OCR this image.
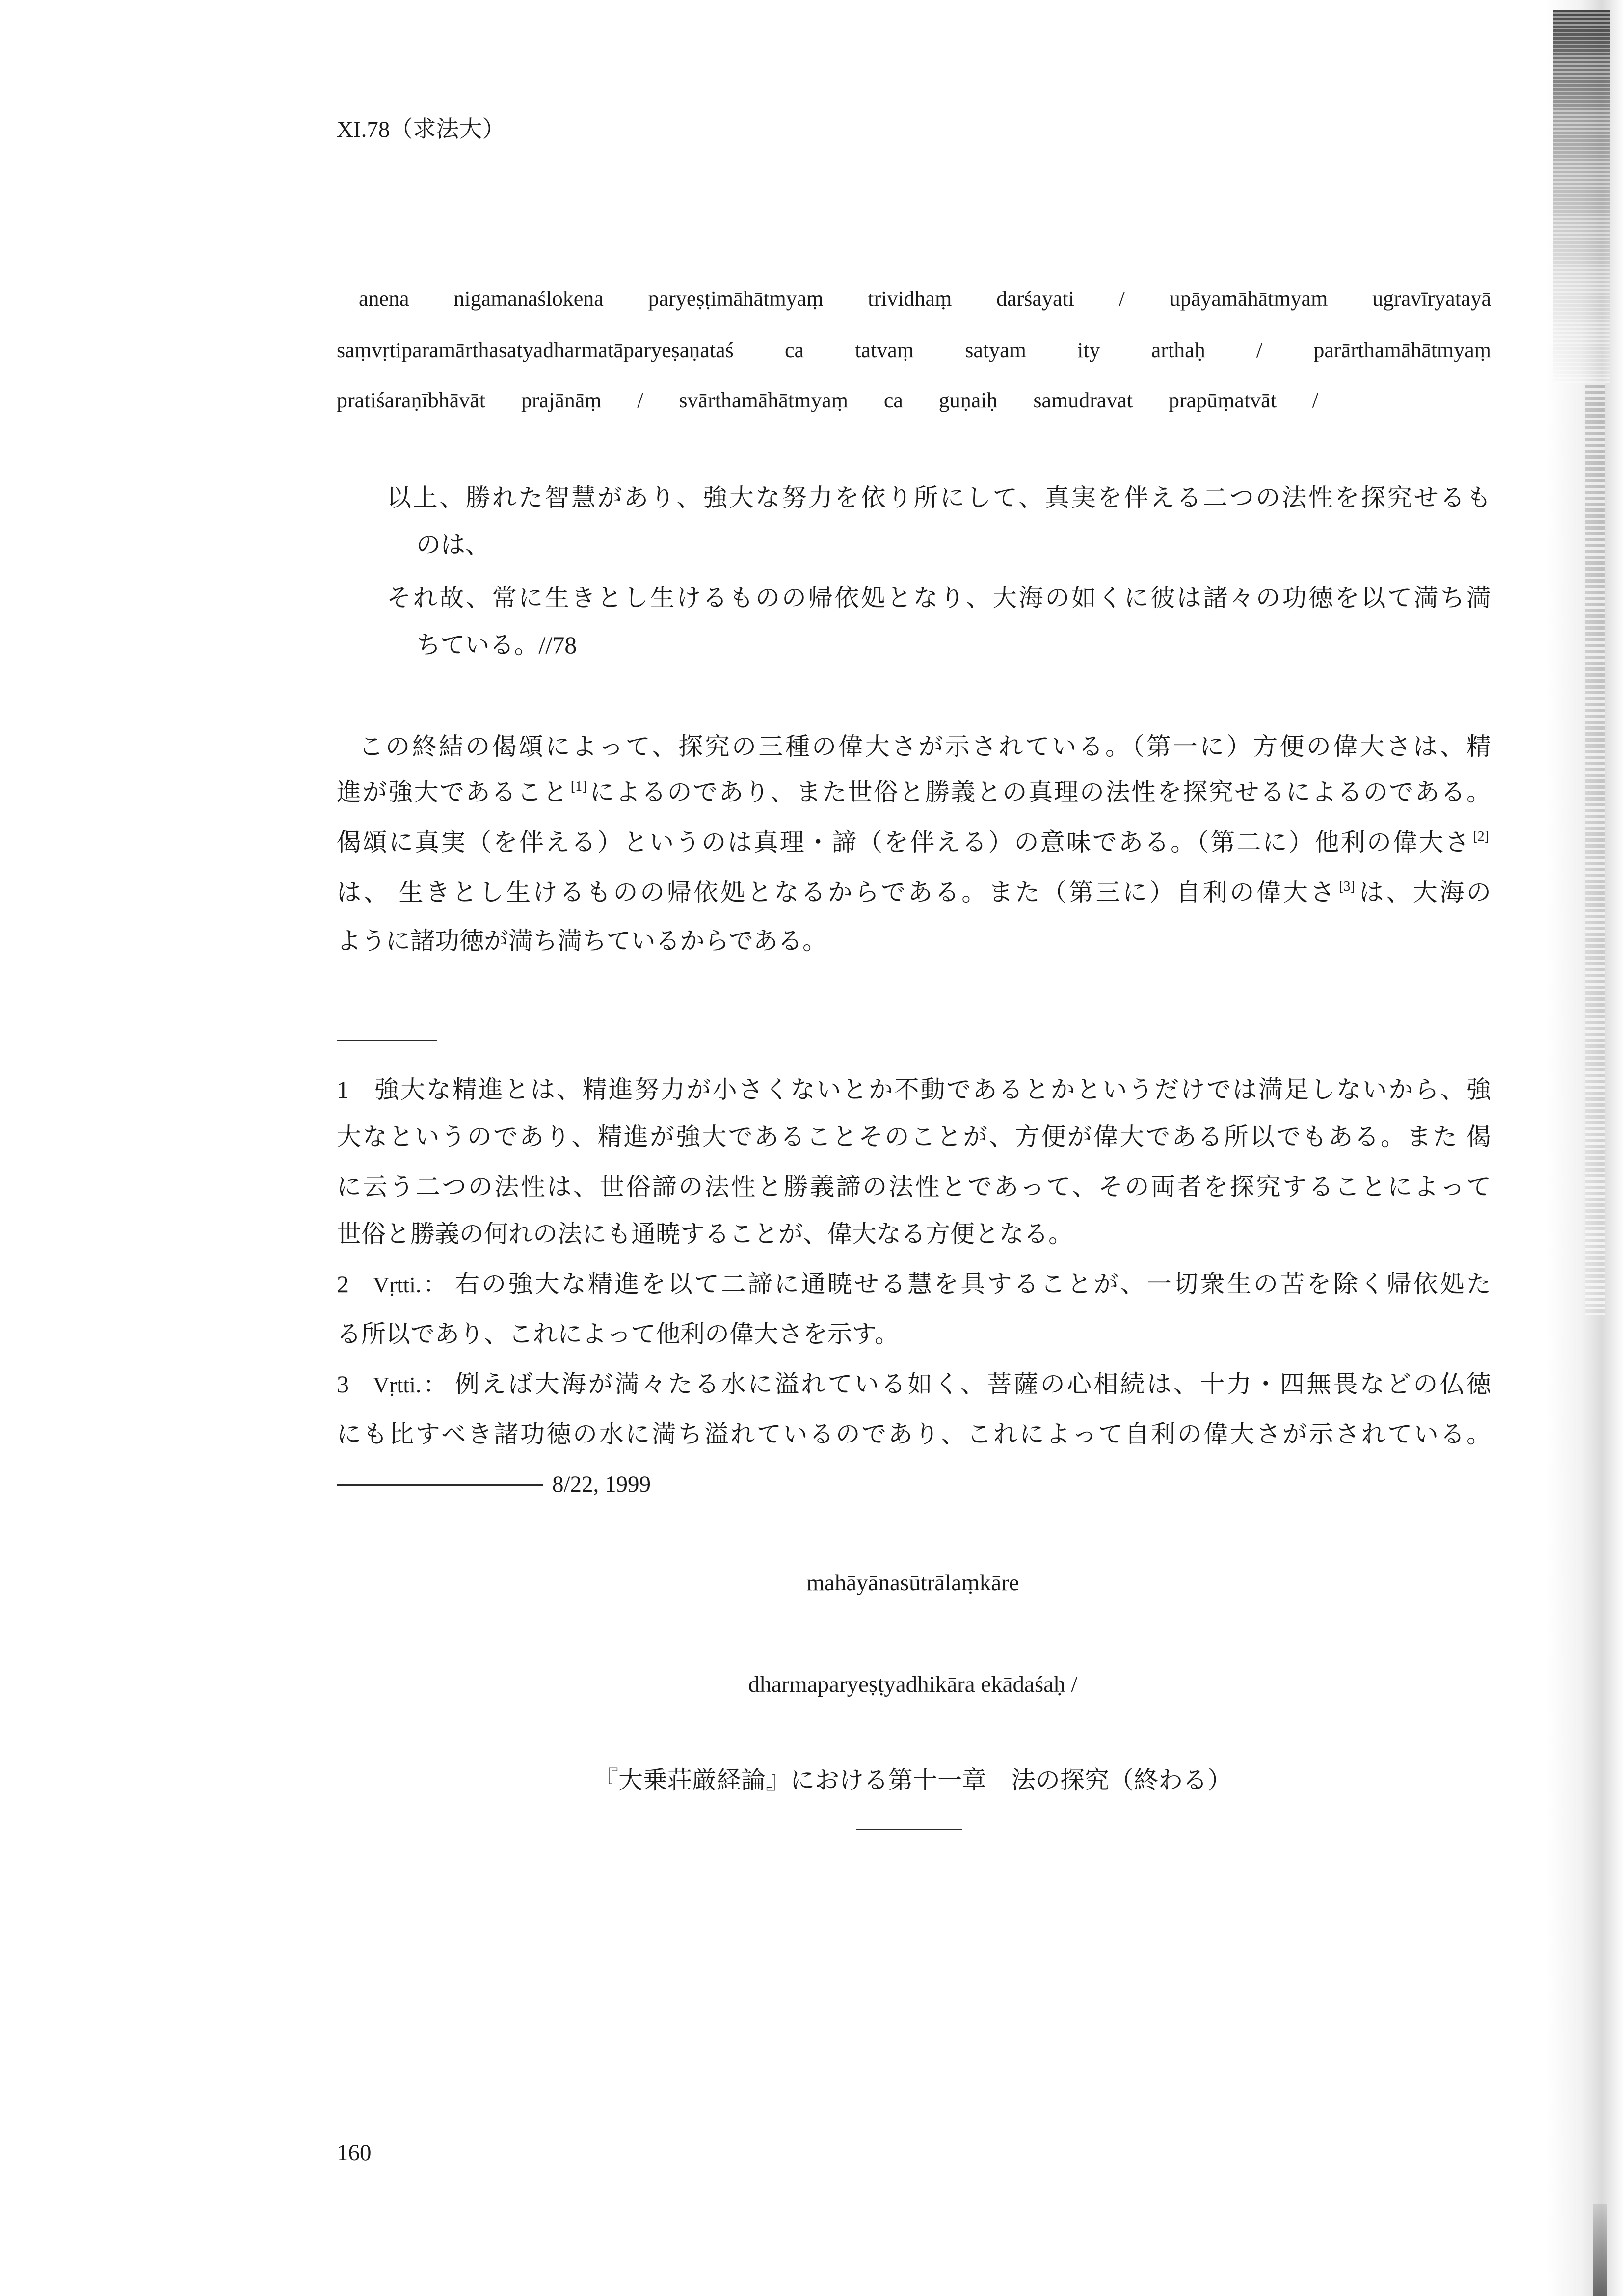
XI.78（求法大）
anena nigamanaślokena paryeṣṭimāhātmyaṃ trividhaṃ darśayati / upāyamāhātmyam ugravīryatayā
saṃvṛtiparamārthasatyadharmatāparyeṣaṇataś ca tatvaṃ satyam ity arthaḥ / parārthamāhātmyaṃ
pratiśaraṇībhāvāt prajānāṃ / svārthamāhātmyaṃ ca guṇaiḥ samudravat prapūṃatvāt /
以上、勝れた智慧があり、強大な努力を依り所にして、真実を伴える二つの法性を探究せるも
のは、
それ故、常に生きとし生けるものの帰依処となり、大海の如くに彼は諸々の功徳を以て満ち満
ちている。//78
この終結の偈頌によって、探究の三種の偉大さが示されている。（第一に）方便の偉大さは、精
進が強大であること [1]によるのであり、また世俗と勝義との真理の法性を探究せるによるのである。
偈頌に真実（を伴える）というのは真理・諦（を伴える）の意味である。（第二に）他利の偉大さ [2]
は、 生きとし生けるものの帰依処となるからである。また（第三に）自利の偉大さ [3]は、大海の
ように諸功徳が満ち満ちているからである。
1 強大な精進とは、精進努力が小さくないとか不動であるとかというだけでは満足しないから、強
大なというのであり、精進が強大であることそのことが、方便が偉大である所以でもある。また 偈
に云う二つの法性は、世俗諦の法性と勝義諦の法性とであって、その両者を探究することによって
世俗と勝義の何れの法にも通暁することが、偉大なる方便となる。
2 Vṛtti.： 右の強大な精進を以て二諦に通暁せる慧を具することが、一切衆生の苦を除く帰依処た
る所以であり、これによって他利の偉大さを示す。
3 Vṛtti.： 例えば大海が満々たる水に溢れている如く、菩薩の心相続は、十力・四無畏などの仏徳
にも比すべき諸功徳の水に満ち溢れているのであり、これによって自利の偉大さが示されている。
8/22, 1999
mahāyānasūtrālaṃkāre
dharmaparyeṣṭyadhikāra ekādaśaḥ /
『大乗荘厳経論』における第十一章　法の探究（終わる）
160
